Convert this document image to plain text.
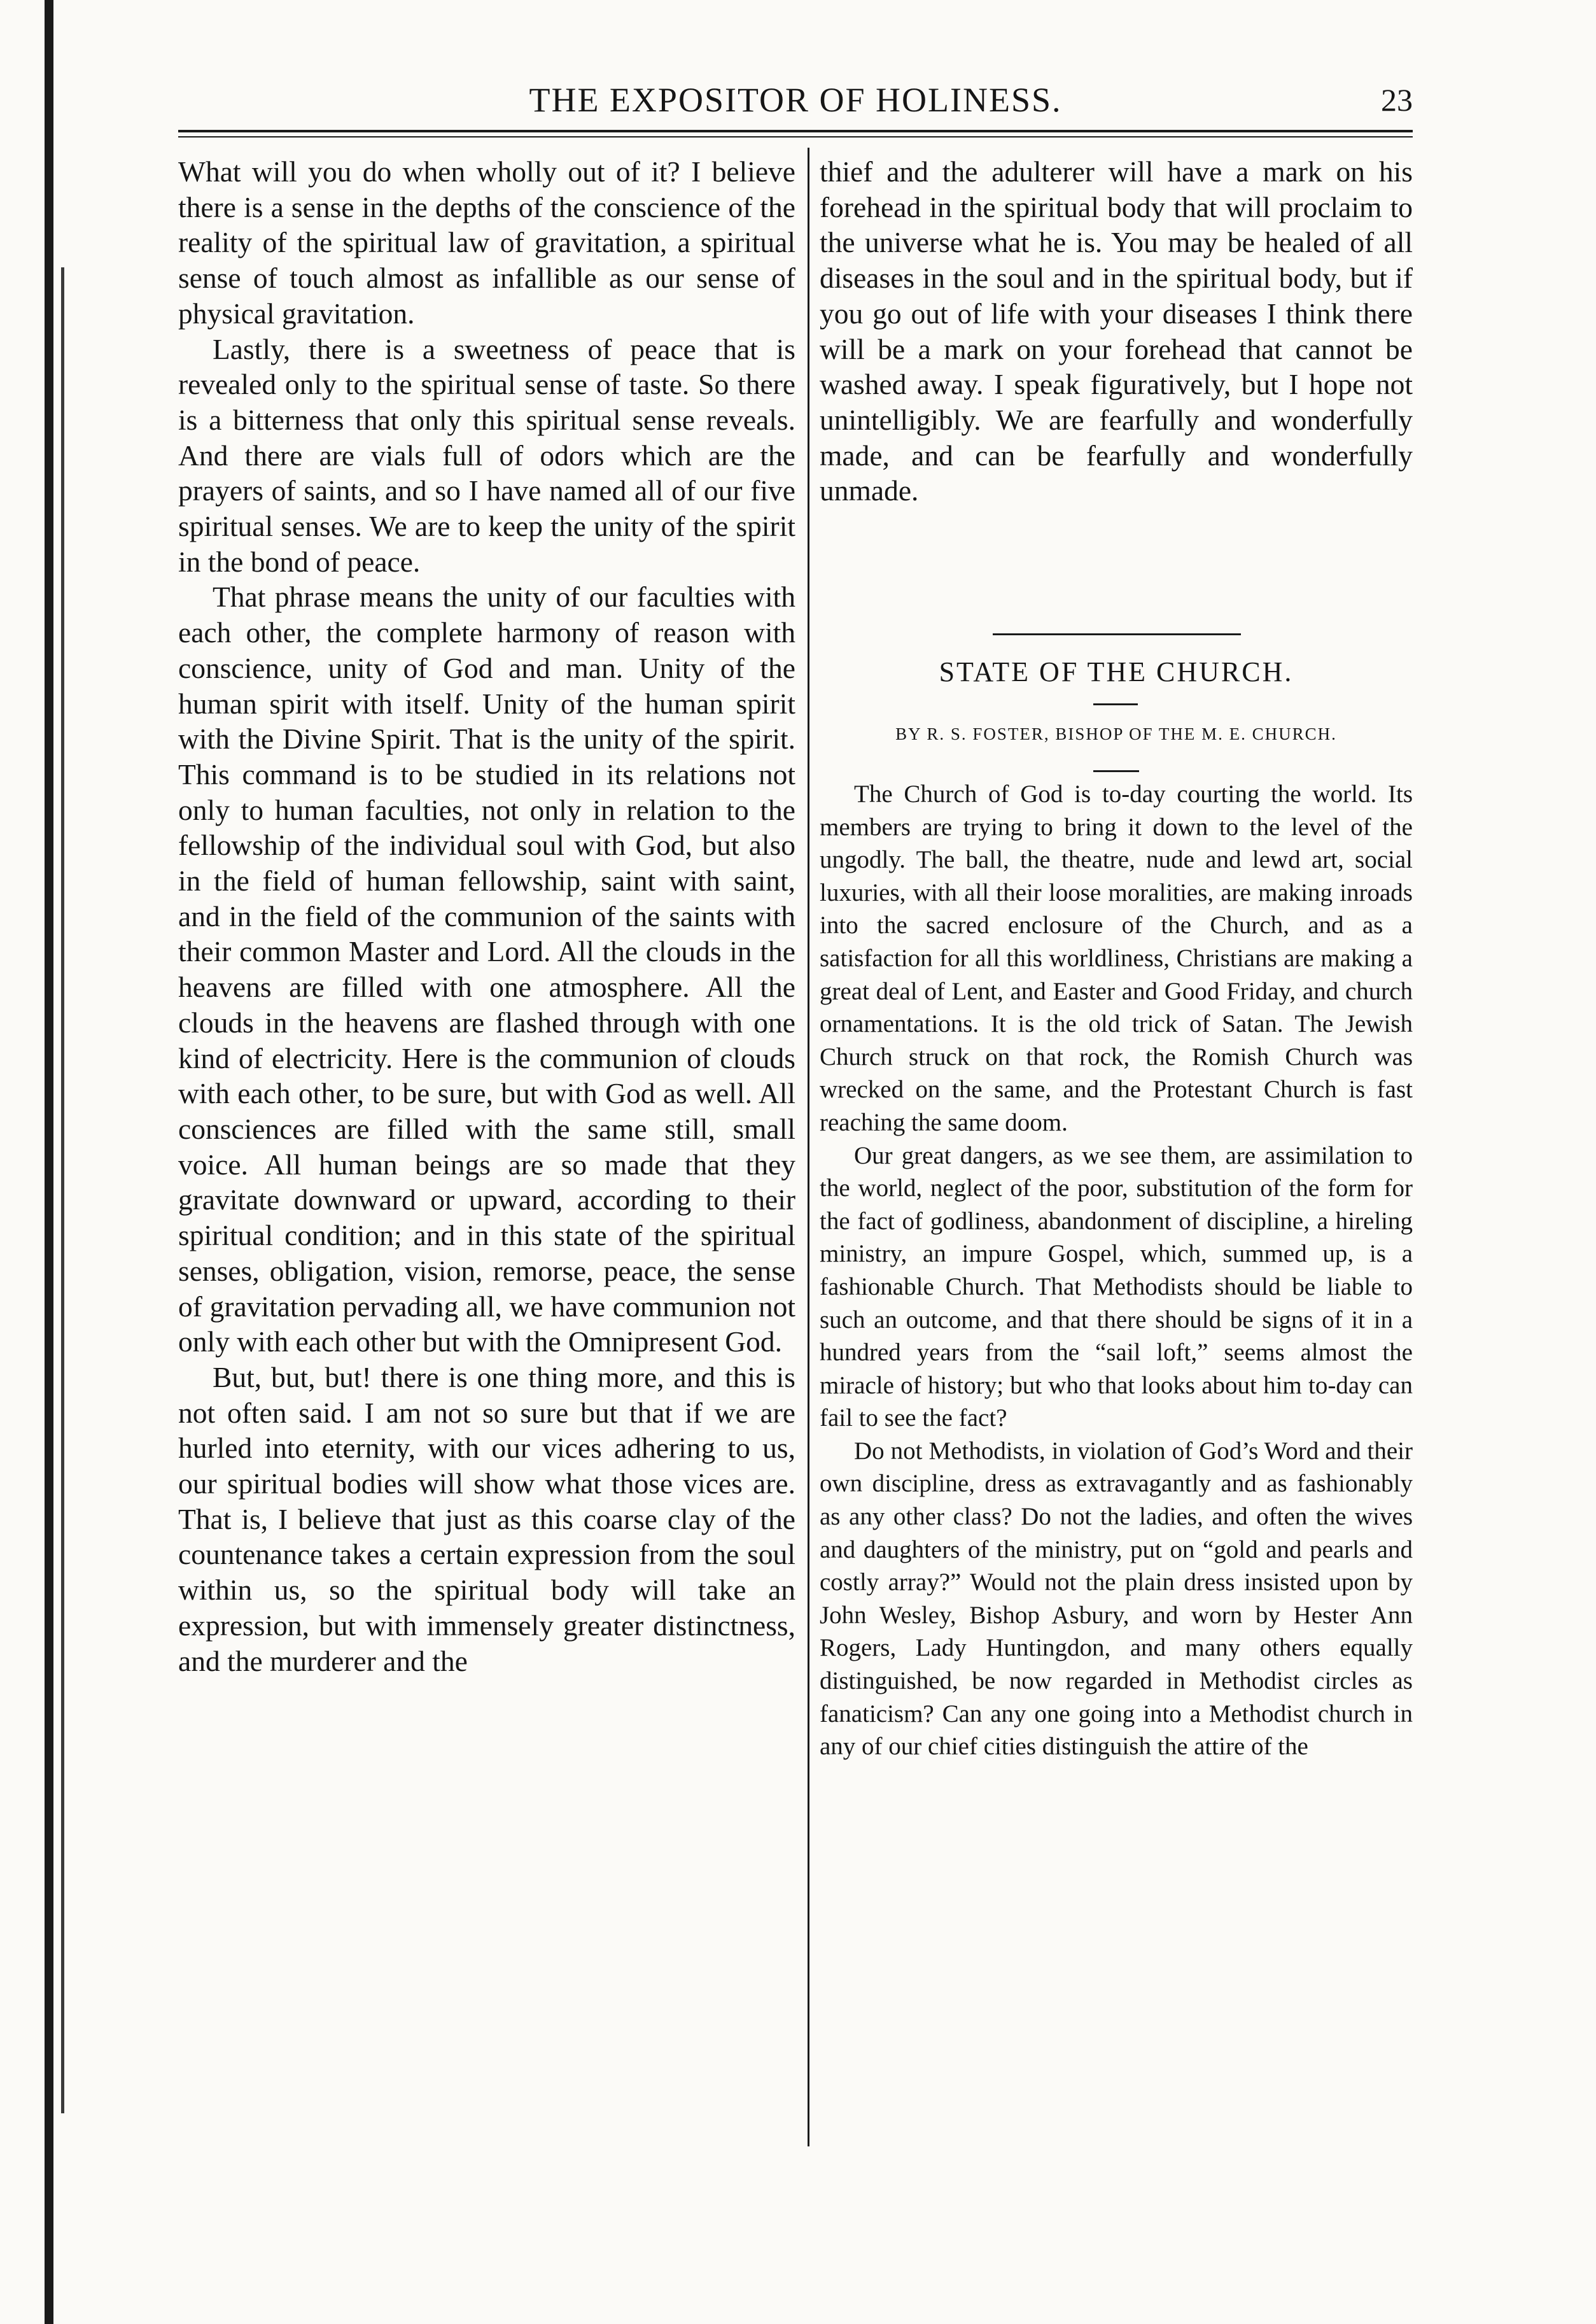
THE EXPOSITOR OF HOLINESS.	23

What will you do when wholly out of it? I believe there is a sense in the depths of the conscience of the reality of the spiritual law of gravitation, a spiritual sense of touch almost as infallible as our sense of physical gravitation.

Lastly, there is a sweetness of peace that is revealed only to the spiritual sense of taste. So there is a bitterness that only this spiritual sense reveals. And there are vials full of odors which are the prayers of saints, and so I have named all of our five spiritual senses. We are to keep the unity of the spirit in the bond of peace.

That phrase means the unity of our faculties with each other, the complete harmony of reason with conscience, unity of God and man. Unity of the human spirit with itself. Unity of the human spirit with the Divine Spirit. That is the unity of the spirit. This command is to be studied in its relations not only to human faculties, not only in relation to the fellowship of the individual soul with God, but also in the field of human fellowship, saint with saint, and in the field of the communion of the saints with their common Master and Lord. All the clouds in the heavens are filled with one atmosphere. All the clouds in the heavens are flashed through with one kind of electricity. Here is the communion of clouds with each other, to be sure, but with God as well. All consciences are filled with the same still, small voice. All human beings are so made that they gravitate downward or upward, according to their spiritual condition; and in this state of the spiritual senses, obligation, vision, remorse, peace, the sense of gravitation pervading all, we have communion not only with each other but with the Omnipresent God.

But, but, but! there is one thing more, and this is not often said. I am not so sure but that if we are hurled into eternity, with our vices adhering to us, our spiritual bodies will show what those vices are. That is, I believe that just as this coarse clay of the countenance takes a certain expression from the soul within us, so the spiritual body will take an expression, but with immensely greater distinctness, and the murderer and the

thief and the adulterer will have a mark on his forehead in the spiritual body that will proclaim to the universe what he is. You may be healed of all diseases in the soul and in the spiritual body, but if you go out of life with your diseases I think there will be a mark on your forehead that cannot be washed away. I speak figuratively, but I hope not unintelligibly. We are fearfully and wonderfully made, and can be fearfully and wonderfully unmade.

STATE OF THE CHURCH.
BY R. S. FOSTER, BISHOP OF THE M. E. CHURCH.

The Church of God is to-day courting the world. Its members are trying to bring it down to the level of the ungodly. The ball, the theatre, nude and lewd art, social luxuries, with all their loose moralities, are making inroads into the sacred enclosure of the Church, and as a satisfaction for all this worldliness, Christians are making a great deal of Lent, and Easter and Good Friday, and church ornamentations. It is the old trick of Satan. The Jewish Church struck on that rock, the Romish Church was wrecked on the same, and the Protestant Church is fast reaching the same doom.

Our great dangers, as we see them, are assimilation to the world, neglect of the poor, substitution of the form for the fact of godliness, abandonment of discipline, a hireling ministry, an impure Gospel, which, summed up, is a fashionable Church. That Methodists should be liable to such an outcome, and that there should be signs of it in a hundred years from the “sail loft,” seems almost the miracle of history; but who that looks about him to-day can fail to see the fact?

Do not Methodists, in violation of God’s Word and their own discipline, dress as extravagantly and as fashionably as any other class? Do not the ladies, and often the wives and daughters of the ministry, put on “gold and pearls and costly array?” Would not the plain dress insisted upon by John Wesley, Bishop Asbury, and worn by Hester Ann Rogers, Lady Huntingdon, and many others equally distinguished, be now regarded in Methodist circles as fanaticism? Can any one going into a Methodist church in any of our chief cities distinguish the attire of the
